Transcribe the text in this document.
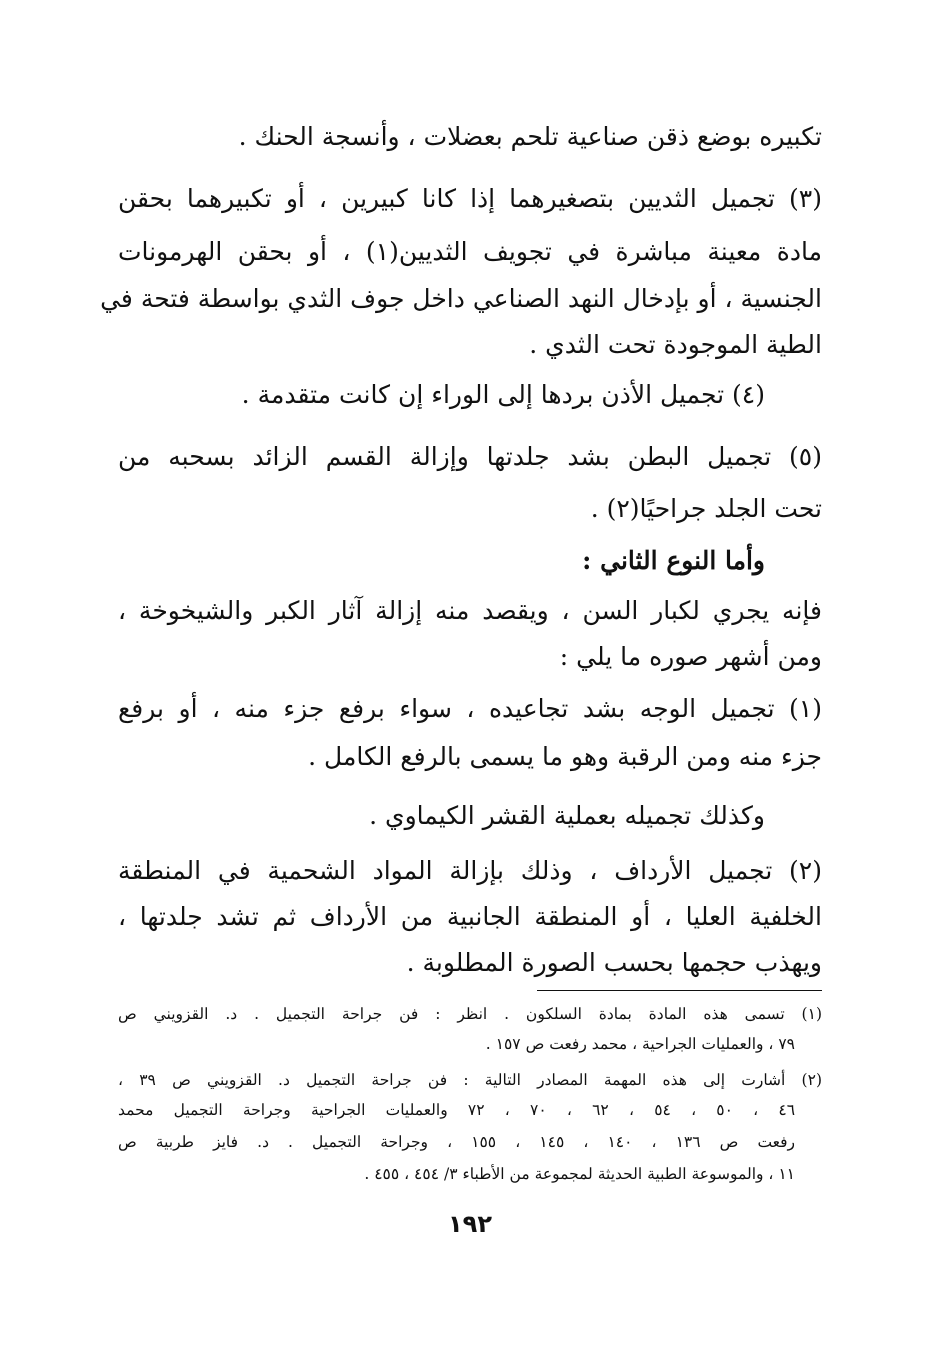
تكبيره بوضع ذقن صناعية تلحم بعضلات ، وأنسجة الحنك .
(٣) تجميل الثديين بتصغيرهما إذا كانا كبيرين ، أو تكبيرهما بحقن
مادة معينة مباشرة في تجويف الثديين(١) ، أو بحقن الهرمونات
الجنسية ، أو بإدخال النهد الصناعي داخل جوف الثدي بواسطة فتحة في
الطية الموجودة تحت الثدي .
(٤) تجميل الأذن بردها إلى الوراء إن كانت متقدمة .
(٥) تجميل البطن بشد جلدتها وإزالة القسم الزائد بسحبه من
تحت الجلد جراحيًا(٢) .
وأما النوع الثاني :
فإنه يجري لكبار السن ، ويقصد منه إزالة آثار الكبر والشيخوخة ،
ومن أشهر صوره ما يلي :
(١) تجميل الوجه بشد تجاعيده ، سواء برفع جزء منه ، أو برفع
جزء منه ومن الرقبة وهو ما يسمى بالرفع الكامل .
وكذلك تجميله بعملية القشر الكيماوي .
(٢) تجميل الأرداف ، وذلك بإزالة المواد الشحمية في المنطقة
الخلفية العليا ، أو المنطقة الجانبية من الأرداف ثم تشد جلدتها ،
ويهذب حجمها بحسب الصورة المطلوبة .
(١) تسمى هذه المادة بمادة السلكون . انظر : فن جراحة التجميل . د. القزويني ص
٧٩ ، والعمليات الجراحية ، محمد رفعت ص ١٥٧ .
(٢) أشارت إلى هذه المهمة المصادر التالية : فن جراحة التجميل د. القزويني ص ٣٩ ،
٤٦ ، ٥٠ ، ٥٤ ، ٦٢ ، ٧٠ ، ٧٢ والعمليات الجراحية وجراحة التجميل محمد
رفعت ص ١٣٦ ، ١٤٠ ، ١٤٥ ، ١٥٥ ، وجراحة التجميل . د. فايز طربية ص
١١ ، والموسوعة الطبية الحديثة لمجموعة من الأطباء ٣/ ٤٥٤ ، ٤٥٥ .
١٩٢
